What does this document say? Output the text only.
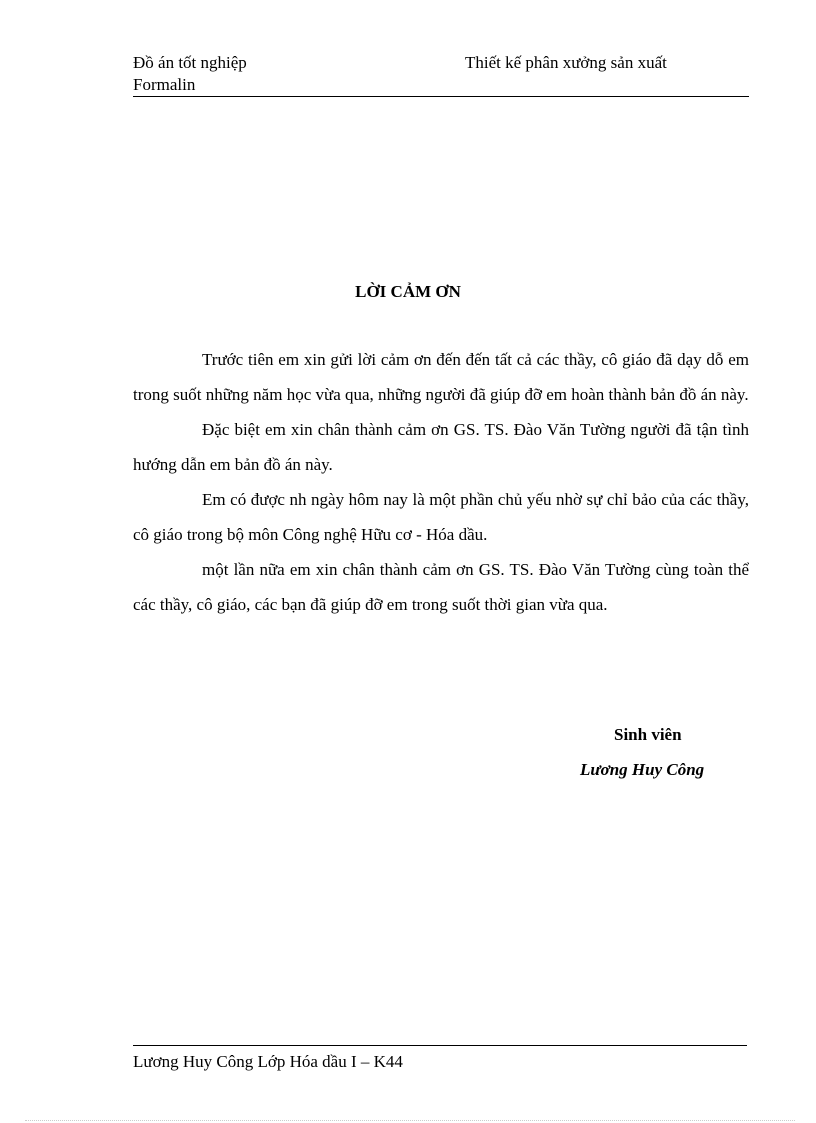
Đồ án tốt nghiệp
Formalin
Thiết kế phân xưởng sản xuất
LỜI CẢM ƠN

Trước tiên em xin gửi lời cảm ơn đến đến tất cả các thầy, cô giáo đã dạy dỗ em trong suốt những năm học vừa qua, những người đã giúp đỡ em hoàn thành bản đồ án này.

Đặc biệt em xin chân thành cảm ơn GS. TS. Đào Văn Tường người đã tận tình hướng dẫn em bản đồ án này.

Em có được nh ngày hôm nay là một phần chủ yếu nhờ sự chỉ bảo của các thầy, cô giáo trong bộ môn Công nghệ Hữu cơ - Hóa dầu.

một lần nữa em xin chân thành cảm ơn GS. TS. Đào Văn Tường cùng toàn thể các thầy, cô giáo, các bạn đã giúp đỡ em trong suốt thời gian vừa qua.

Sinh viên
Lương Huy Công
Lương Huy Công Lớp Hóa dầu I – K44
